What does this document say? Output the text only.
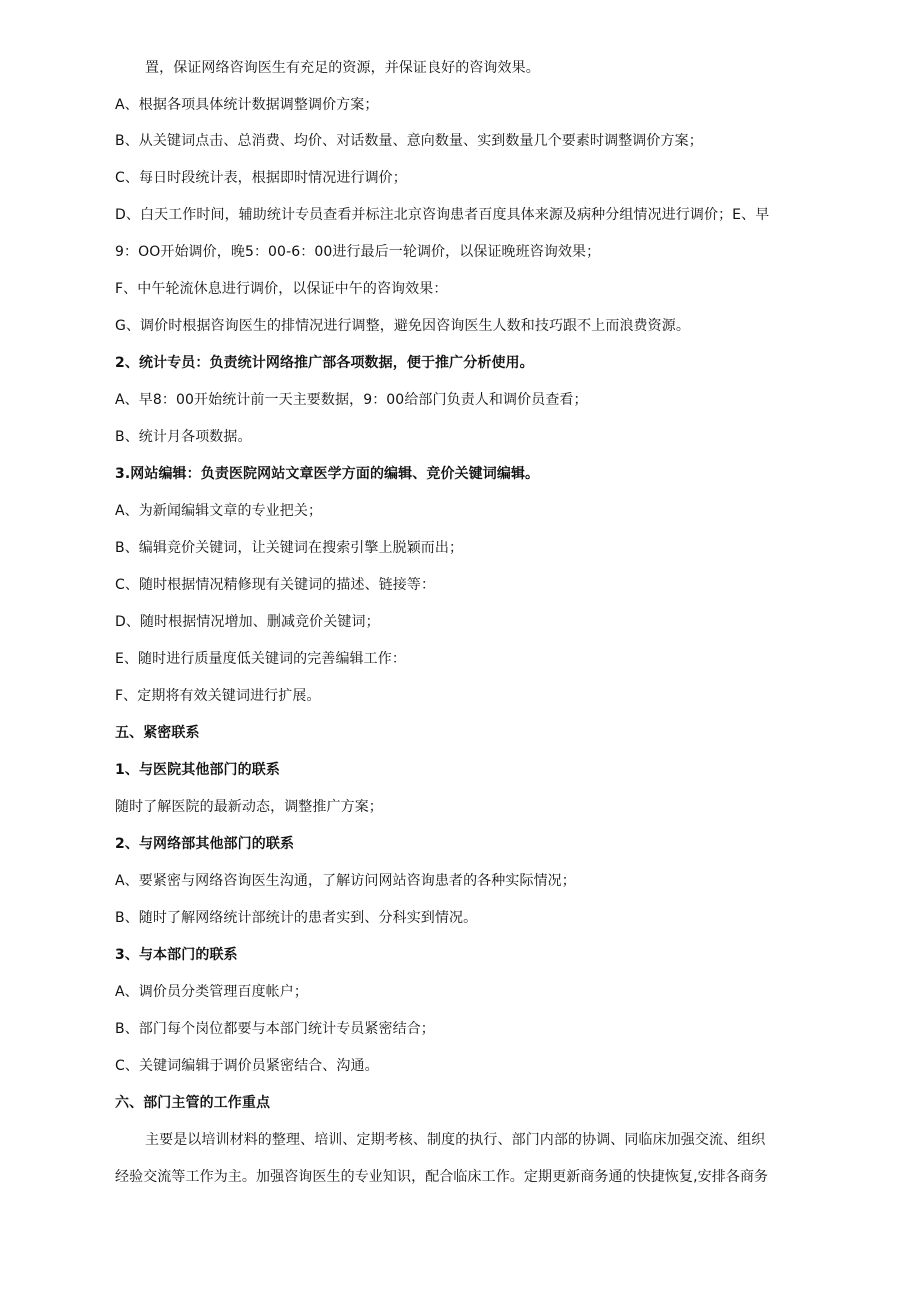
置，保证网络咨询医生有充足的资源，并保证良好的咨询效果。
A、根据各项具体统计数据调整调价方案；
B、从关键词点击、总消费、均价、对话数量、意向数量、实到数量几个要素时调整调价方案；
C、每日时段统计表，根据即时情况进行调价；
D、白天工作时间，辅助统计专员查看并标注北京咨询患者百度具体来源及病种分组情况进行调价；E、早
9：OO开始调价，晚5：00-6：00进行最后一轮调价，以保证晚班咨询效果；
F、中午轮流休息进行调价，以保证中午的咨询效果：
G、调价时根据咨询医生的排情况进行调整，避免因咨询医生人数和技巧跟不上而浪费资源。
2、统计专员：负责统计网络推广部各项数据，便于推广分析使用。
A、早8：00开始统计前一天主要数据，9：00给部门负责人和调价员查看；
B、统计月各项数据。
3.网站编辑：负责医院网站文章医学方面的编辑、竞价关键词编辑。
A、为新闻编辑文章的专业把关；
B、编辑竞价关键词，让关键词在搜索引擎上脱颖而出；
C、随时根据情况精修现有关键词的描述、链接等：
D、随时根据情况增加、删减竞价关键词；
E、随时进行质量度低关键词的完善编辑工作：
F、定期将有效关键词进行扩展。
五、紧密联系
1、与医院其他部门的联系
随时了解医院的最新动态，调整推广方案；
2、与网络部其他部门的联系
A、要紧密与网络咨询医生沟通，了解访问网站咨询患者的各种实际情况；
B、随时了解网络统计部统计的患者实到、分科实到情况。
3、与本部门的联系
A、调价员分类管理百度帐户；
B、部门每个岗位都要与本部门统计专员紧密结合；
C、关键词编辑于调价员紧密结合、沟通。
六、部门主管的工作重点
主要是以培训材料的整理、培训、定期考核、制度的执行、部门内部的协调、同临床加强交流、组织
经验交流等工作为主。加强咨询医生的专业知识，配合临床工作。定期更新商务通的快捷恢复,安排各商务
